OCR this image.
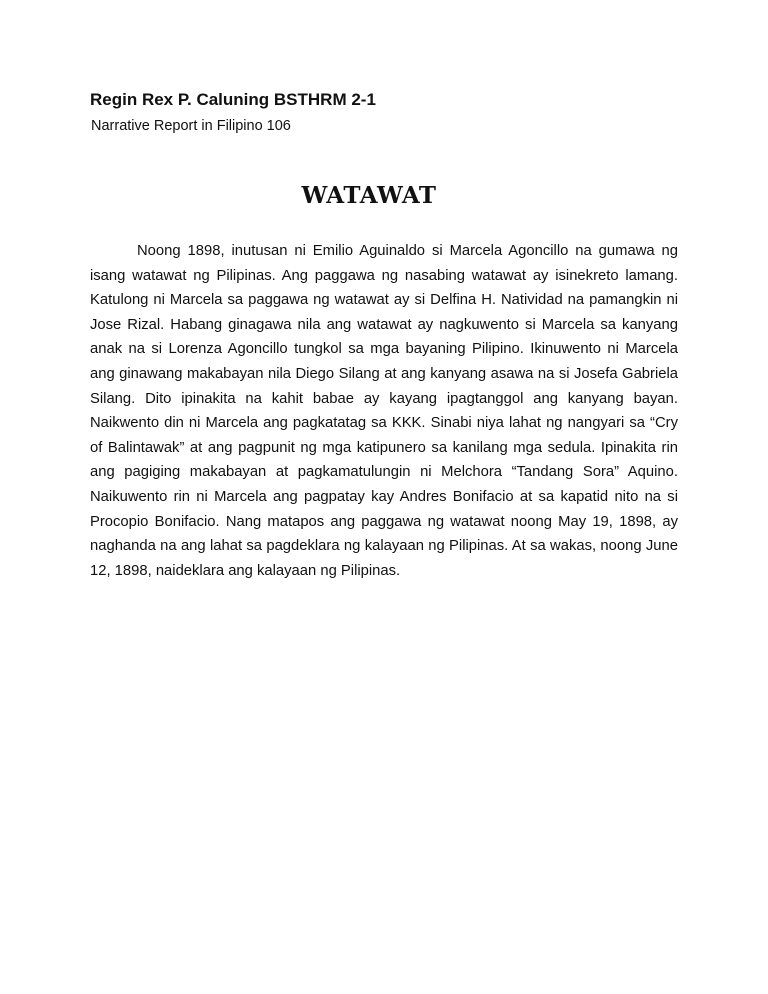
Regin Rex P. Caluning BSTHRM 2-1
Narrative Report in Filipino 106
WATAWAT

Noong 1898, inutusan ni Emilio Aguinaldo si Marcela Agoncillo na gumawa ng isang watawat ng Pilipinas. Ang paggawa ng nasabing watawat ay isinekreto lamang. Katulong ni Marcela sa paggawa ng watawat ay si Delfina H. Natividad na pamangkin ni Jose Rizal. Habang ginagawa nila ang watawat ay nagkuwento si Marcela sa kanyang anak na si Lorenza Agoncillo tungkol sa mga bayaning Pilipino. Ikinuwento ni Marcela ang ginawang makabayan nila Diego Silang at ang kanyang asawa na si Josefa Gabriela Silang. Dito ipinakita na kahit babae ay kayang ipagtanggol ang kanyang bayan. Naikwento din ni Marcela ang pagkatatag sa KKK. Sinabi niya lahat ng nangyari sa “Cry of Balintawak” at ang pagpunit ng mga katipunero sa kanilang mga sedula. Ipinakita rin ang pagiging makabayan at pagkamatulungin ni Melchora “Tandang Sora” Aquino. Naikuwento rin ni Marcela ang pagpatay kay Andres Bonifacio at sa kapatid nito na si Procopio Bonifacio. Nang matapos ang paggawa ng watawat noong May 19, 1898, ay naghanda na ang lahat sa pagdeklara ng kalayaan ng Pilipinas. At sa wakas, noong June 12, 1898, naideklara ang kalayaan ng Pilipinas.
